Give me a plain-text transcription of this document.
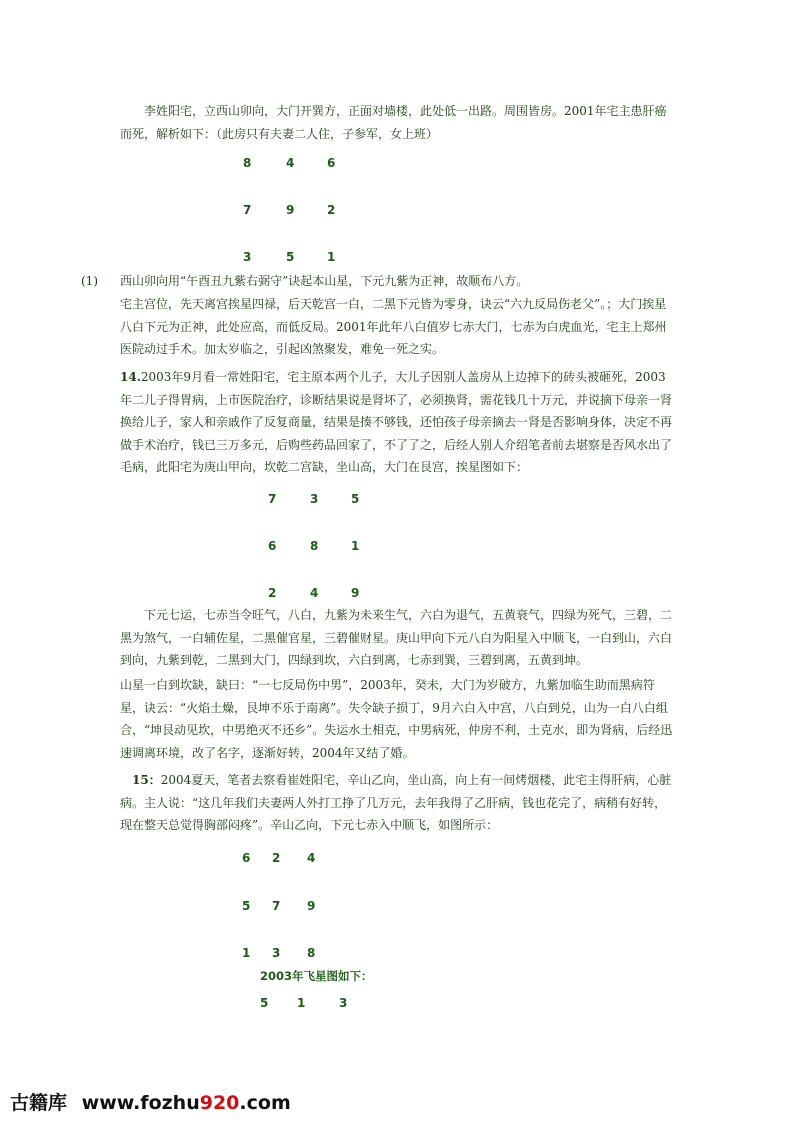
李姓阳宅，立西山卯向，大门开巽方，正面对墙楼，此处低一出路。周围皆房。2001年宅主患肝癌而死，解析如下：（此房只有夫妻二人住，子参军，女上班）

8	4	6
7	9	2
3	5	1
(1) 西山卯向用“午酉丑九紫右弼守”诀起本山星，下元九紫为正神，故顺布八方。

宅主宫位，先天离宫挨星四禄，后天乾宫一白，二黑下元皆为零身，诀云“六九反局伤老父”。；大门挨星八白下元为正神，此处应高，而低反局。2001年此年八白值岁七赤大门，七赤为白虎血光，宅主上郑州医院动过手术。加太岁临之，引起凶煞聚发，难免一死之实。

14.2003年9月看一常姓阳宅，宅主原本两个儿子，大儿子因别人盖房从上边掉下的砖头被砸死，2003年二儿子得胃病，上市医院治疗，诊断结果说是肾坏了，必须换肾，需花钱几十万元，并说摘下母亲一肾换给儿子，家人和亲戚作了反复商量，结果是揍不够钱，还怕孩子母亲摘去一肾是否影响身体，决定不再做手术治疗，钱已三万多元，后购些药品回家了，不了了之，后经人别人介绍笔者前去堪察是否风水出了毛病，此阳宅为庚山甲向，坎乾二宫缺，坐山高，大门在艮宫，挨星图如下：

7	3	5
6	8	1
2	4	9

下元七运，七赤当令旺气，八白，九紫为未来生气，六白为退气，五黄衰气，四绿为死气，三碧，二黑为煞气，一白辅佐星，二黑催官星，三碧催财星。庚山甲向下元八白为阳星入中顺飞，一白到山，六白到向，九紫到乾，二黑到大门，四绿到坎，六白到离，七赤到巽，三碧到离，五黄到坤。

山星一白到坎缺，缺曰：“一七反局伤中男”，2003年，癸未，大门为岁破方，九紫加临生助而黑病符星，诀云：“火焰土燥，艮坤不乐于南离”。失令缺子损丁，9月六白入中宫，八白到兑，山为一白八白组合，“坤艮动见坎，中男绝灭不还乡”。失运水土相克，中男病死，仲房不利，土克水，即为肾病，后经迅速调离环境，改了名字，逐渐好转，2004年又结了婚。

15：2004夏天，笔者去察看崔姓阳宅，辛山乙向，坐山高，向上有一间烤烟楼，此宅主得肝病，心脏病。主人说：“这几年我们夫妻两人外打工挣了几万元，去年我得了乙肝病，钱也花完了，病稍有好转，现在整天总觉得胸部闷疼”。辛山乙向，下元七赤入中顺飞，如图所示：

6 2 4
5 7 9
1 3 8
2003年飞星图如下：
5 1	3
古籍库 www.fozhu920.com
